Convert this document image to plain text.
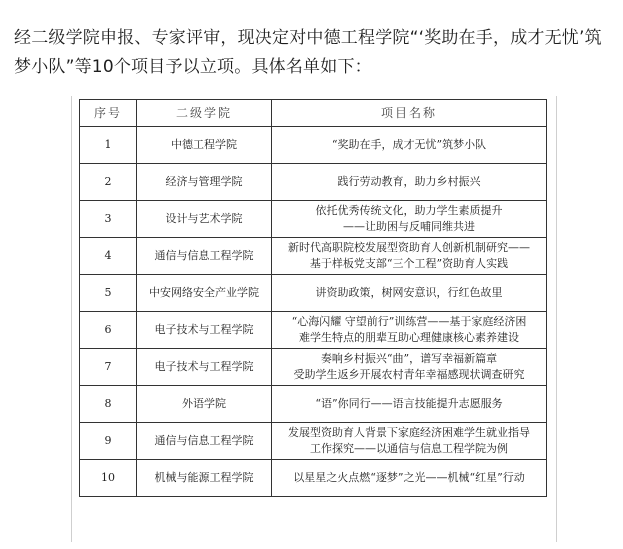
经二级学院申报、专家评审，现决定对中德工程学院“‘奖助在手，成才无忧’筑梦小队”等10个项目予以立项。具体名单如下：

序号	二级学院	项目名称
1	中德工程学院	“奖助在手，成才无忧”筑梦小队

2	经济与管理学院	践行劳动教育，助力乡村振兴

3	设计与艺术学院	依托优秀传统文化，助力学生素质提升
——让助困与反哺同维共进

4	通信与信息工程学院	新时代高职院校发展型资助育人创新机制研究——
基于样板党支部“三个工程”资助育人实践

5	中安网络安全产业学院	讲资助政策，树网安意识，行红色故里

6	电子技术与工程学院	“心海闪耀 守望前行”训练营——基于家庭经济困
难学生特点的朋辈互助心理健康核心素养建设

7	电子技术与工程学院	奏响乡村振兴“曲”，谱写幸福新篇章
受助学生返乡开展农村青年幸福感现状调查研究

8	外语学院	“语”你同行——语言技能提升志愿服务

9	通信与信息工程学院	发展型资助育人背景下家庭经济困难学生就业指导
工作探究——以通信与信息工程学院为例

10	机械与能源工程学院	以星星之火点燃“逐梦”之光——机械“红星”行动
